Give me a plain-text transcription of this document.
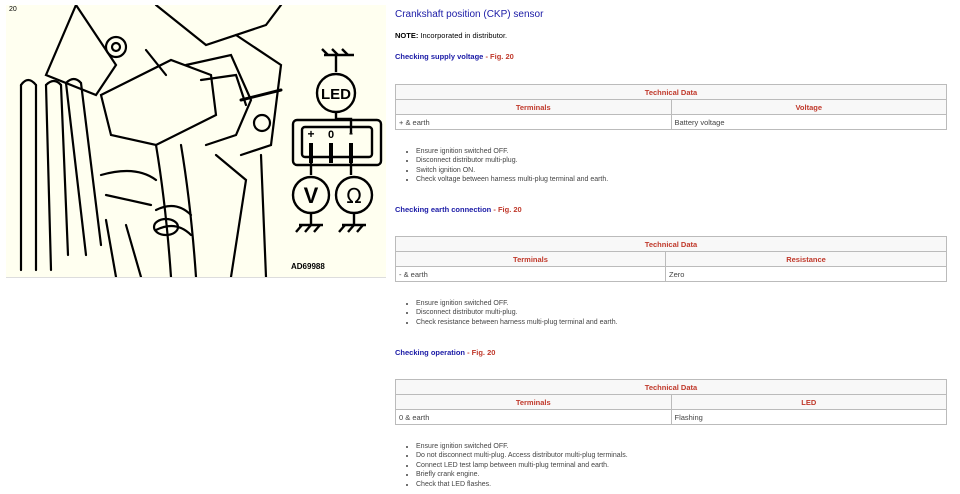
20
LED
+ 0 -
V Ω
AD69988
Crankshaft position (CKP) sensor
NOTE: Incorporated in distributor.
Checking supply voltage - Fig. 20
Technical Data	
Terminals	Voltage
+ & earth	Battery voltage
• Ensure ignition switched OFF.
• Disconnect distributor multi-plug.
• Switch ignition ON.
• Check voltage between harness multi-plug terminal and earth.
Checking earth connection - Fig. 20
Technical Data	
Terminals	Resistance
- & earth	Zero
• Ensure ignition switched OFF.
• Disconnect distributor multi-plug.
• Check resistance between harness multi-plug terminal and earth.
Checking operation - Fig. 20
Technical Data	
Terminals	LED
0 & earth	Flashing
• Ensure ignition switched OFF.
• Do not disconnect multi-plug. Access distributor multi-plug terminals.
• Connect LED test lamp between multi-plug terminal and earth.
• Briefly crank engine.
• Check that LED flashes.
